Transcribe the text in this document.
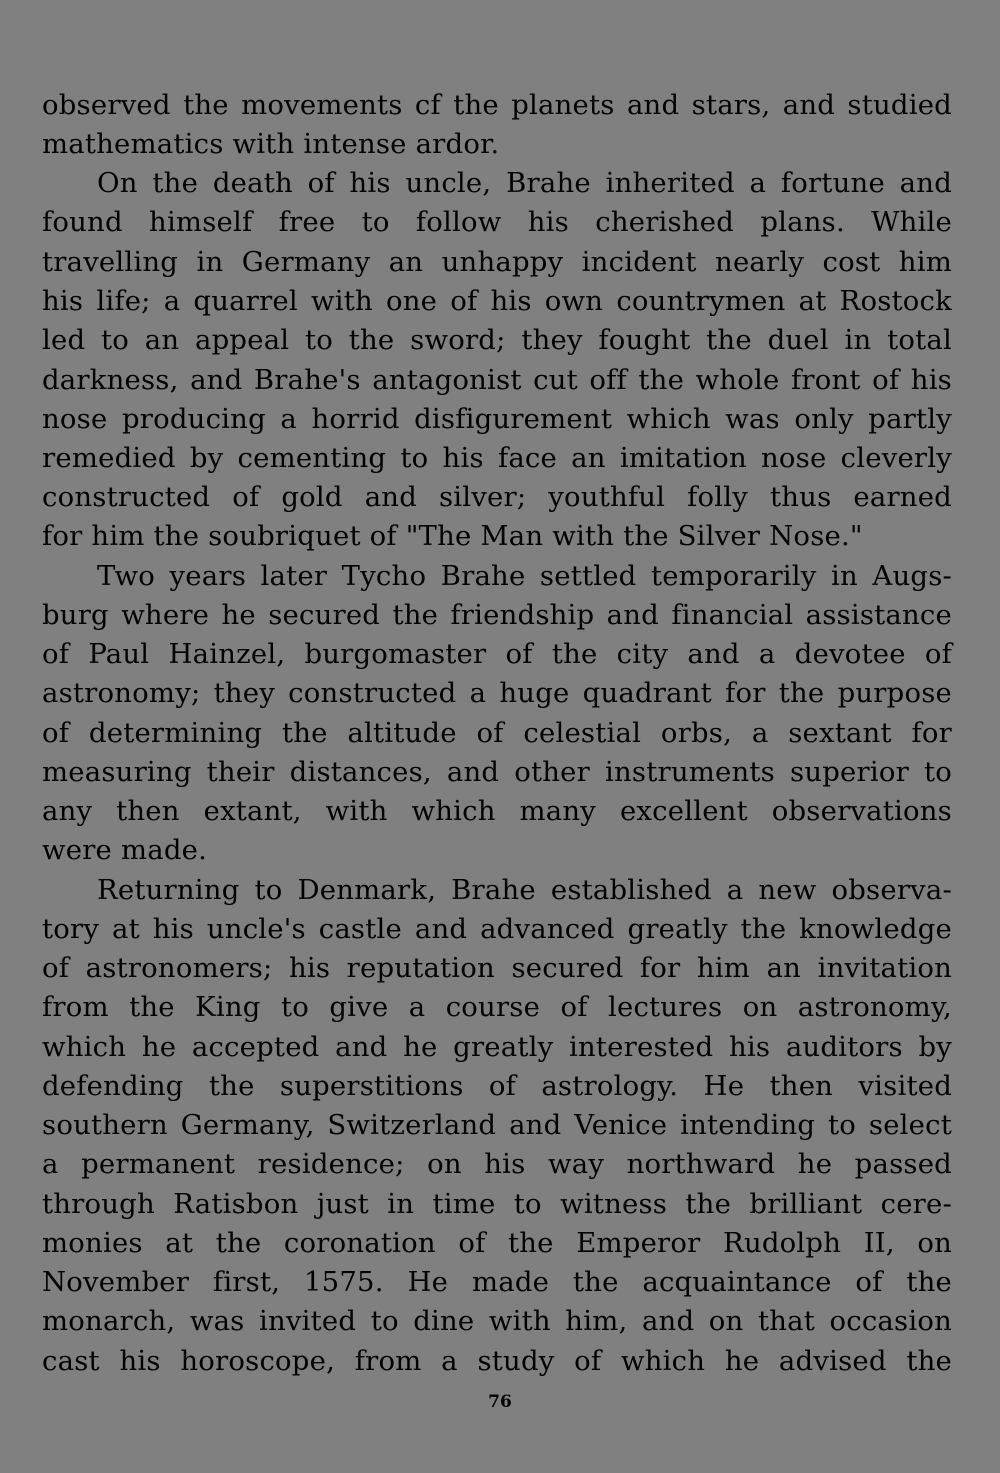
observed the movements cf the planets and stars, and studied
mathematics with intense ardor.
On the death of his uncle, Brahe inherited a fortune and
found himself free to follow his cherished plans. While
travelling in Germany an unhappy incident nearly cost him
his life; a quarrel with one of his own countrymen at Rostock
led to an appeal to the sword; they fought the duel in total
darkness, and Brahe's antagonist cut off the whole front of his
nose producing a horrid disfigurement which was only partly
remedied by cementing to his face an imitation nose cleverly
constructed of gold and silver; youthful folly thus earned
for him the soubriquet of "The Man with the Silver Nose."
Two years later Tycho Brahe settled temporarily in Augs-
burg where he secured the friendship and financial assistance
of Paul Hainzel, burgomaster of the city and a devotee of
astronomy; they constructed a huge quadrant for the purpose
of determining the altitude of celestial orbs, a sextant for
measuring their distances, and other instruments superior to
any then extant, with which many excellent observations
were made.
Returning to Denmark, Brahe established a new observa-
tory at his uncle's castle and advanced greatly the knowledge
of astronomers; his reputation secured for him an invitation
from the King to give a course of lectures on astronomy,
which he accepted and he greatly interested his auditors by
defending the superstitions of astrology. He then visited
southern Germany, Switzerland and Venice intending to select
a permanent residence; on his way northward he passed
through Ratisbon just in time to witness the brilliant cere-
monies at the coronation of the Emperor Rudolph II, on
November first, 1575. He made the acquaintance of the
monarch, was invited to dine with him, and on that occasion
cast his horoscope, from a study of which he advised the
76
